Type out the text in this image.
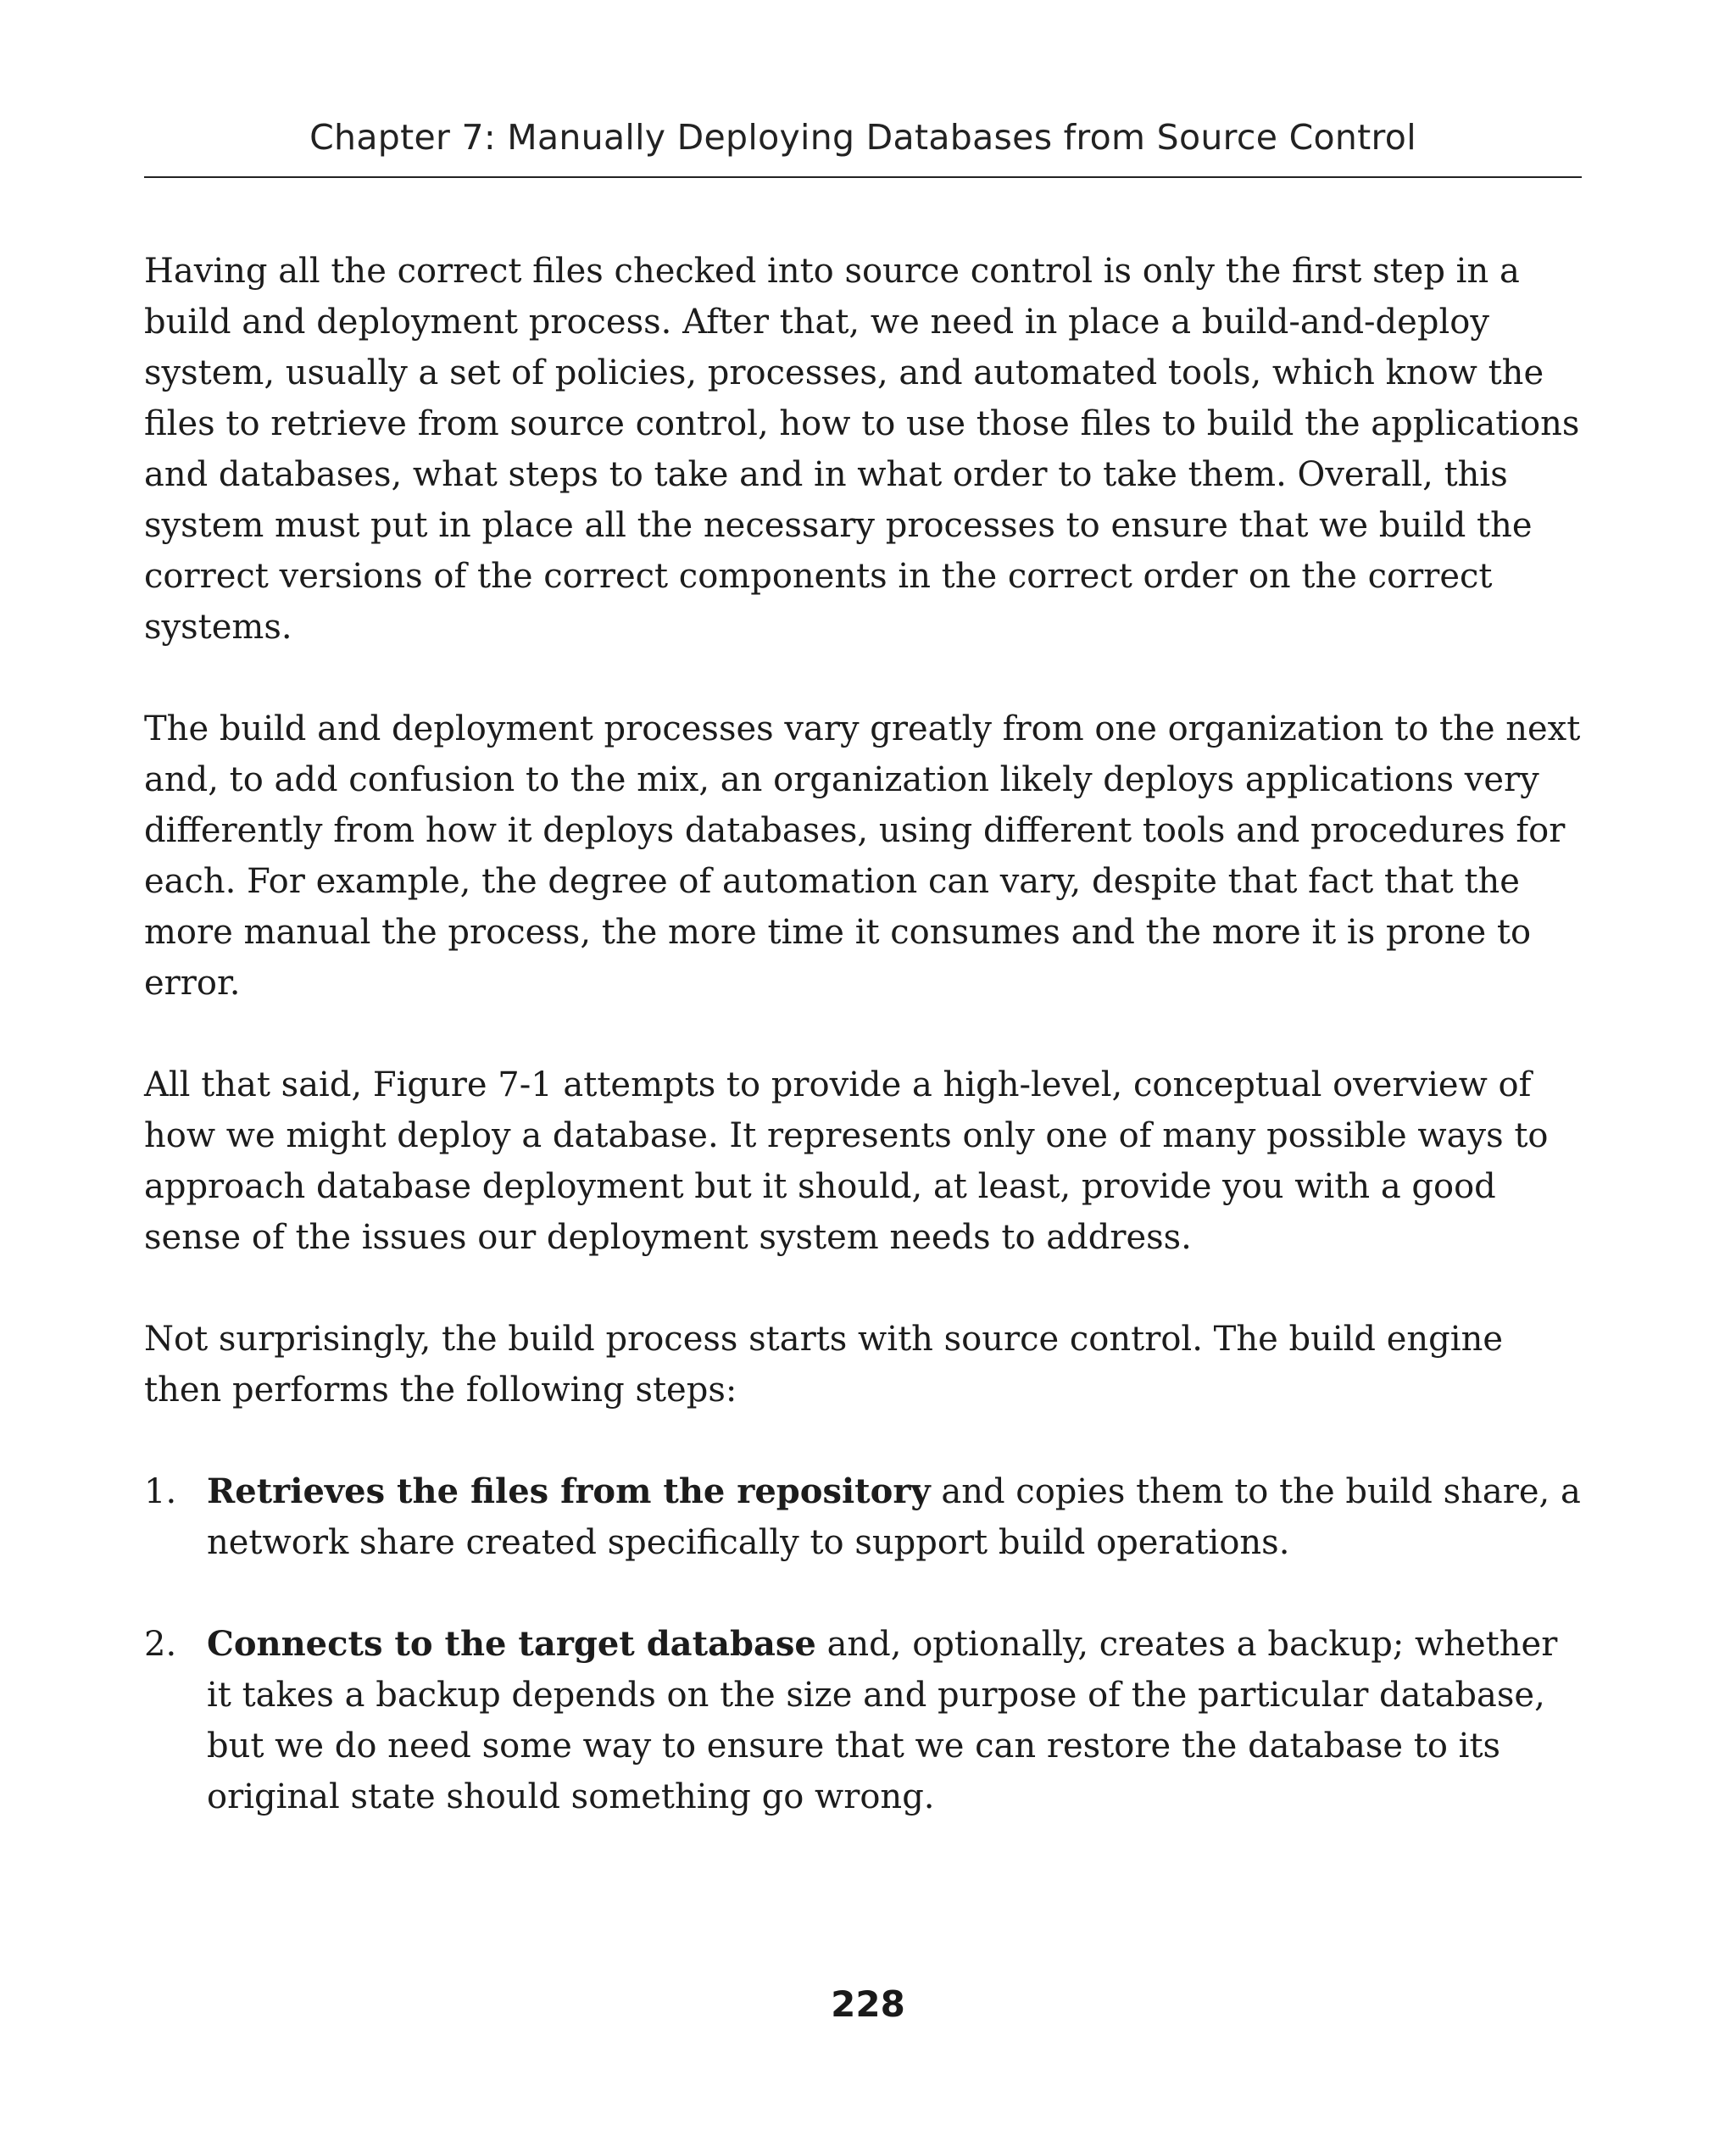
Chapter 7: Manually Deploying Databases from Source Control

Having all the correct files checked into source control is only the first step in a build and deployment process. After that, we need in place a build-and-deploy system, usually a set of policies, processes, and automated tools, which know the files to retrieve from source control, how to use those files to build the applications and databases, what steps to take and in what order to take them. Overall, this system must put in place all the necessary processes to ensure that we build the correct versions of the correct components in the correct order on the correct systems.

The build and deployment processes vary greatly from one organization to the next and, to add confusion to the mix, an organization likely deploys applications very differently from how it deploys databases, using different tools and procedures for each. For example, the degree of automation can vary, despite that fact that the more manual the process, the more time it consumes and the more it is prone to error.

All that said, Figure 7-1 attempts to provide a high-level, conceptual overview of how we might deploy a database. It represents only one of many possible ways to approach database deployment but it should, at least, provide you with a good sense of the issues our deployment system needs to address.

Not surprisingly, the build process starts with source control. The build engine then performs the following steps:

1. Retrieves the files from the repository and copies them to the build share, a network share created specifically to support build operations.
2. Connects to the target database and, optionally, creates a backup; whether it takes a backup depends on the size and purpose of the particular database, but we do need some way to ensure that we can restore the database to its original state should something go wrong.
228
